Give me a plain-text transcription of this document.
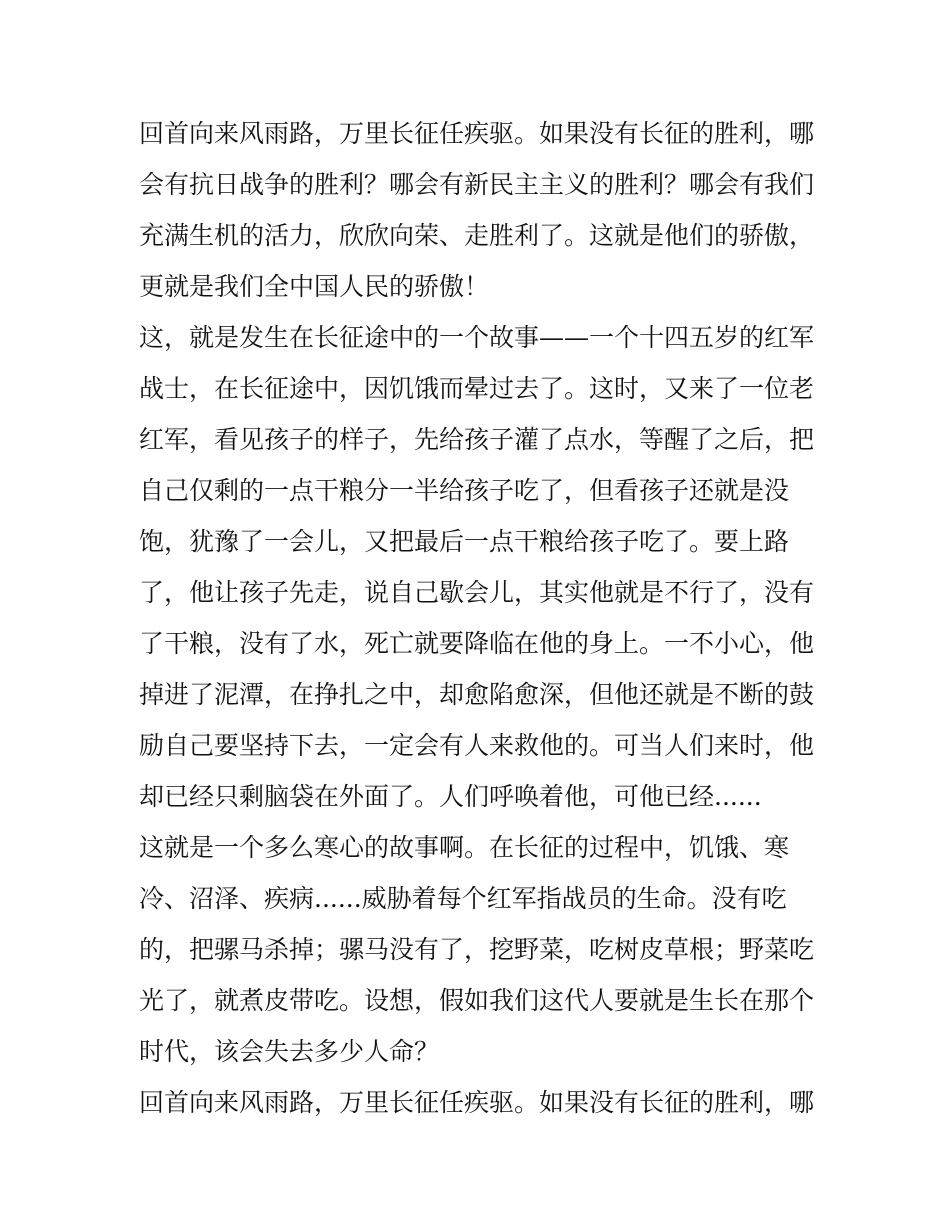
回首向来风雨路，万里长征任疾驱。如果没有长征的胜利，哪
会有抗日战争的胜利？哪会有新民主主义的胜利？哪会有我们
充满生机的活力，欣欣向荣、走胜利了。这就是他们的骄傲，
更就是我们全中国人民的骄傲！

这，就是发生在长征途中的一个故事——一个十四五岁的红军
战士，在长征途中，因饥饿而晕过去了。这时，又来了一位老
红军，看见孩子的样子，先给孩子灌了点水，等醒了之后，把
自己仅剩的一点干粮分一半给孩子吃了，但看孩子还就是没
饱，犹豫了一会儿，又把最后一点干粮给孩子吃了。要上路
了，他让孩子先走，说自己歇会儿，其实他就是不行了，没有
了干粮，没有了水，死亡就要降临在他的身上。一不小心，他
掉进了泥潭，在挣扎之中，却愈陷愈深，但他还就是不断的鼓
励自己要坚持下去，一定会有人来救他的。可当人们来时，他
却已经只剩脑袋在外面了。人们呼唤着他，可他已经......

这就是一个多么寒心的故事啊。在长征的过程中，饥饿、寒
冷、沼泽、疾病......威胁着每个红军指战员的生命。没有吃
的，把骡马杀掉；骡马没有了，挖野菜，吃树皮草根；野菜吃
光了，就煮皮带吃。设想，假如我们这代人要就是生长在那个
时代，该会失去多少人命？

回首向来风雨路，万里长征任疾驱。如果没有长征的胜利，哪
